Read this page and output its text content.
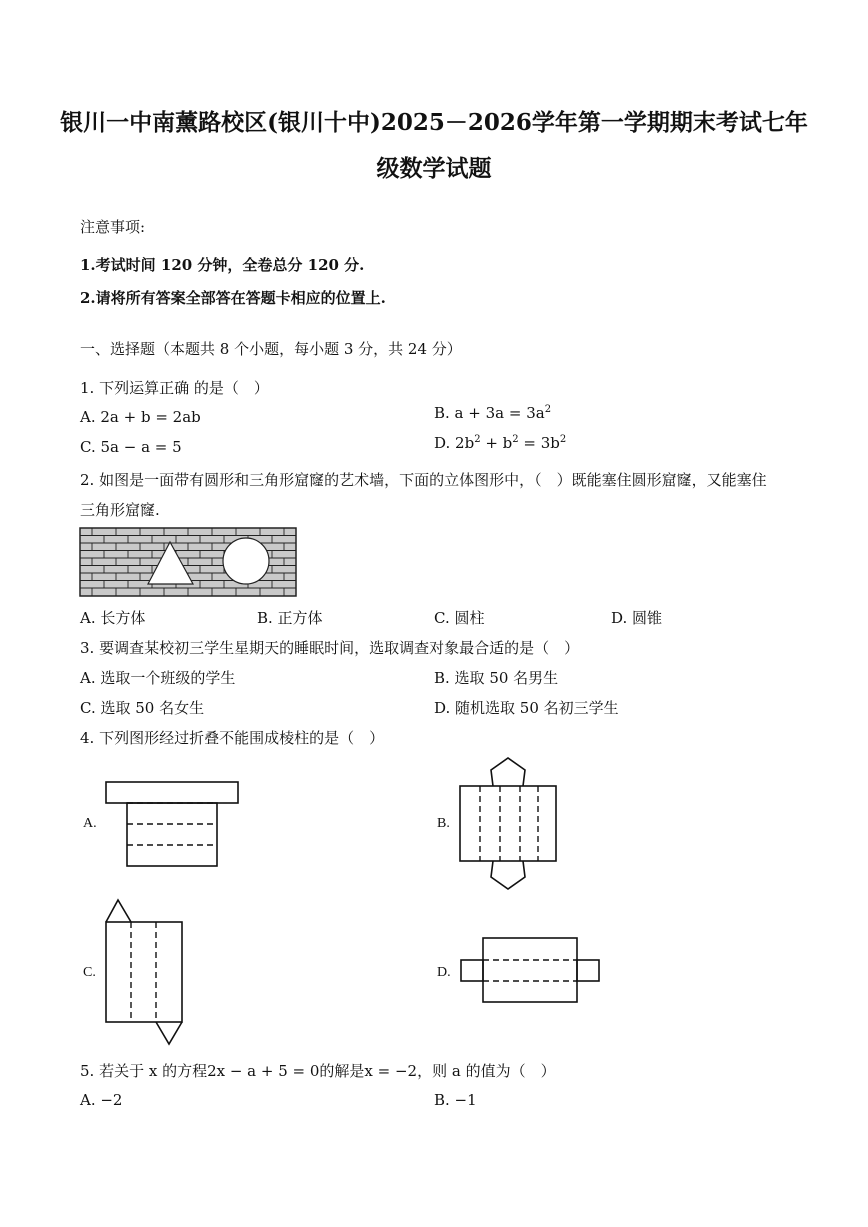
银川一中南薰路校区(银川十中)2025－2026学年第一学期期末考试七年
级数学试题
注意事项:
1.考试时间 120 分钟，全卷总分 120 分.
2.请将所有答案全部答在答题卡相应的位置上.
一、选择题（本题共 8 个小题，每小题 3 分，共 24 分）
1. 下列运算正确 的是（　）
A. 2a + b = 2ab	B. $a + 3a = 3a^2$
C. 5a − a = 5	D. $2b^2 + b^2 = 3b^2$
2. 如图是一面带有圆形和三角形窟窿的艺术墙，下面的立体图形中，（　）既能塞住圆形窟窿，又能塞住
三角形窟窿.
A. 长方体	B. 正方体	C. 圆柱	D. 圆锥
3. 要调查某校初三学生星期天的睡眠时间，选取调查对象最合适的是（　）
A. 选取一个班级的学生	B. 选取 50 名男生
C. 选取 50 名女生	D. 随机选取 50 名初三学生
4. 下列图形经过折叠不能围成棱柱的是（　）
A.	B.
C.	D.
5. 若关于 x 的方程2x − a + 5 = 0的解是x = −2，则 a 的值为（　）
A. −2	B. −1
